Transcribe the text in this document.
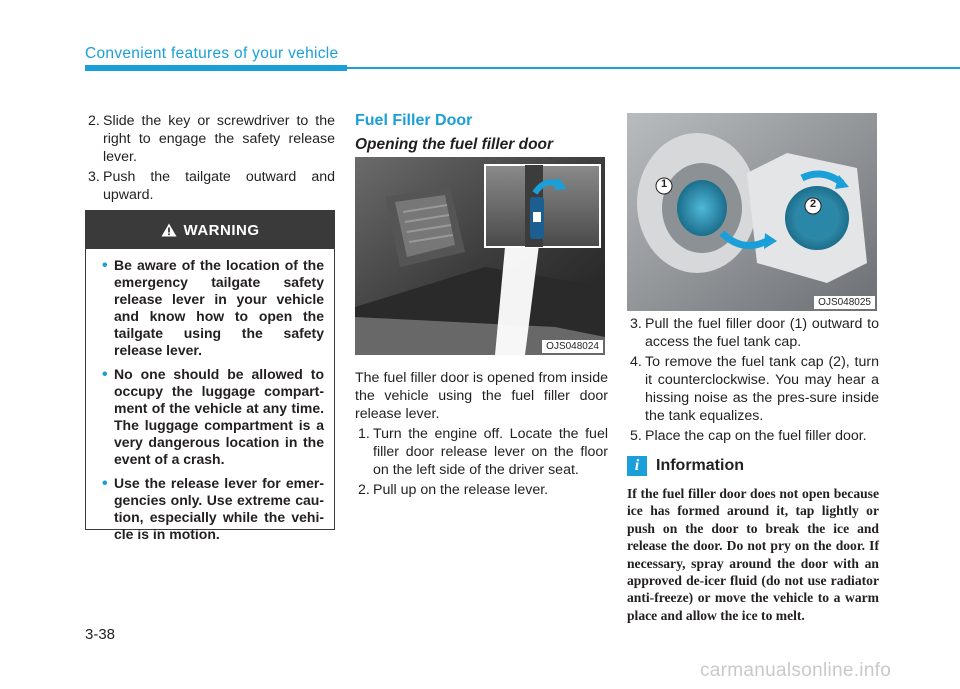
Convenient features of your vehicle
2. Slide the key or screwdriver to the right to engage the safety release lever.
3. Push the tailgate outward and upward.
WARNING
• Be aware of the location of the emergency tailgate safety release lever in your vehicle and know how to open the tailgate using the safety release lever.
• No one should be allowed to occupy the luggage compart-ment of the vehicle at any time. The luggage compartment is a very dangerous location in the event of a crash.
• Use the release lever for emer-gencies only. Use extreme cau-tion, especially while the vehi-cle is in motion.
Fuel Filler Door
Opening the fuel filler door
OJS048024

The fuel filler door is opened from inside the vehicle using the fuel filler door release lever.

1. Turn the engine off. Locate the fuel filler door release lever on the floor on the left side of the driver seat.
2. Pull up on the release lever.
1
2
OJS048025
3. Pull the fuel filler door (1) outward to access the fuel tank cap.
4. To remove the fuel tank cap (2), turn it counterclockwise. You may hear a hissing noise as the pres-sure inside the tank equalizes.
5. Place the cap on the fuel filler door.
i	Information
If the fuel filler door does not open because ice has formed around it, tap lightly or push on the door to break the ice and release the door. Do not pry on the door. If necessary, spray around the door with an approved de-icer fluid (do not use radiator anti-freeze) or move the vehicle to a warm place and allow the ice to melt.
3-38
carmanualsonline.info
